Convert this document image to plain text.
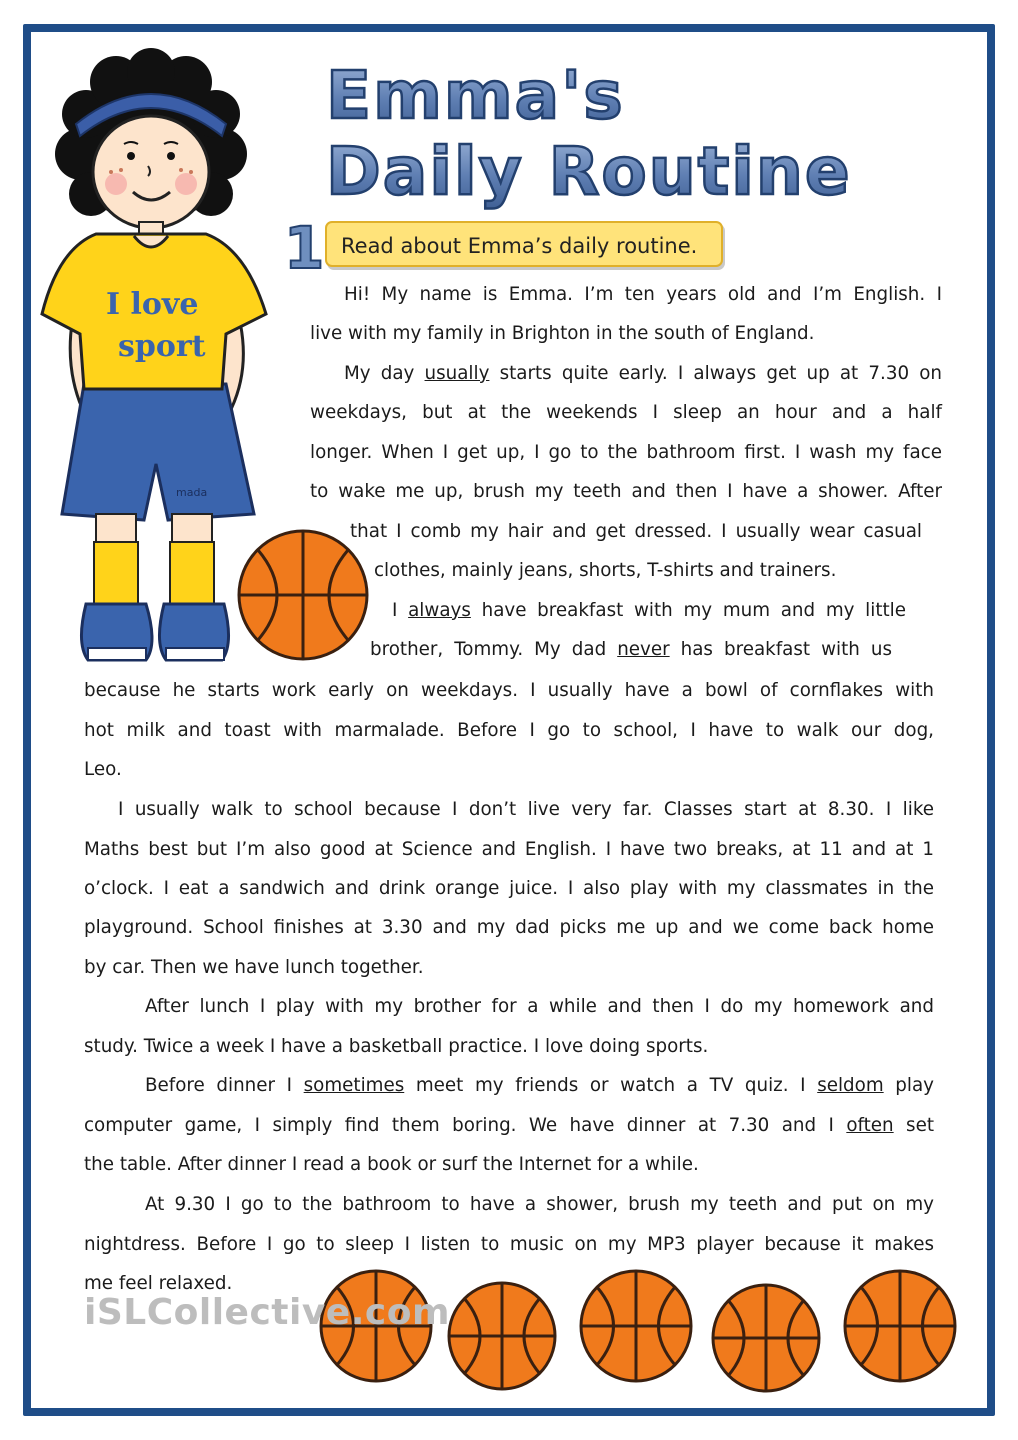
Emma's
Daily Routine
1 Read about Emma’s daily routine.
mada
I love
sport
Hi! My name is Emma. I’m ten years old and I’m English. I
live with my family in Brighton in the south of England.
My day usually starts quite early. I always get up at 7.30 on
weekdays, but at the weekends I sleep an hour and a half
longer. When I get up, I go to the bathroom first. I wash my face
to wake me up, brush my teeth and then I have a shower. After
that I comb my hair and get dressed. I usually wear casual
clothes, mainly jeans, shorts, T-shirts and trainers.
I always have breakfast with my mum and my little
brother, Tommy. My dad never has breakfast with us
because he starts work early on weekdays. I usually have a bowl of cornflakes with
hot milk and toast with marmalade. Before I go to school, I have to walk our dog,
Leo.
I usually walk to school because I don’t live very far. Classes start at 8.30. I like
Maths best but I’m also good at Science and English. I have two breaks, at 11 and at 1
o’clock. I eat a sandwich and drink orange juice. I also play with my classmates in the
playground. School finishes at 3.30 and my dad picks me up and we come back home
by car. Then we have lunch together.
After lunch I play with my brother for a while and then I do my homework and
study. Twice a week I have a basketball practice. I love doing sports.
Before dinner I sometimes meet my friends or watch a TV quiz. I seldom play
computer game, I simply find them boring. We have dinner at 7.30 and I often set
the table. After dinner I read a book or surf the Internet for a while.
At 9.30 I go to the bathroom to have a shower, brush my teeth and put on my
nightdress. Before I go to sleep I listen to music on my MP3 player because it makes
me feel relaxed.
iSLCollective.com
